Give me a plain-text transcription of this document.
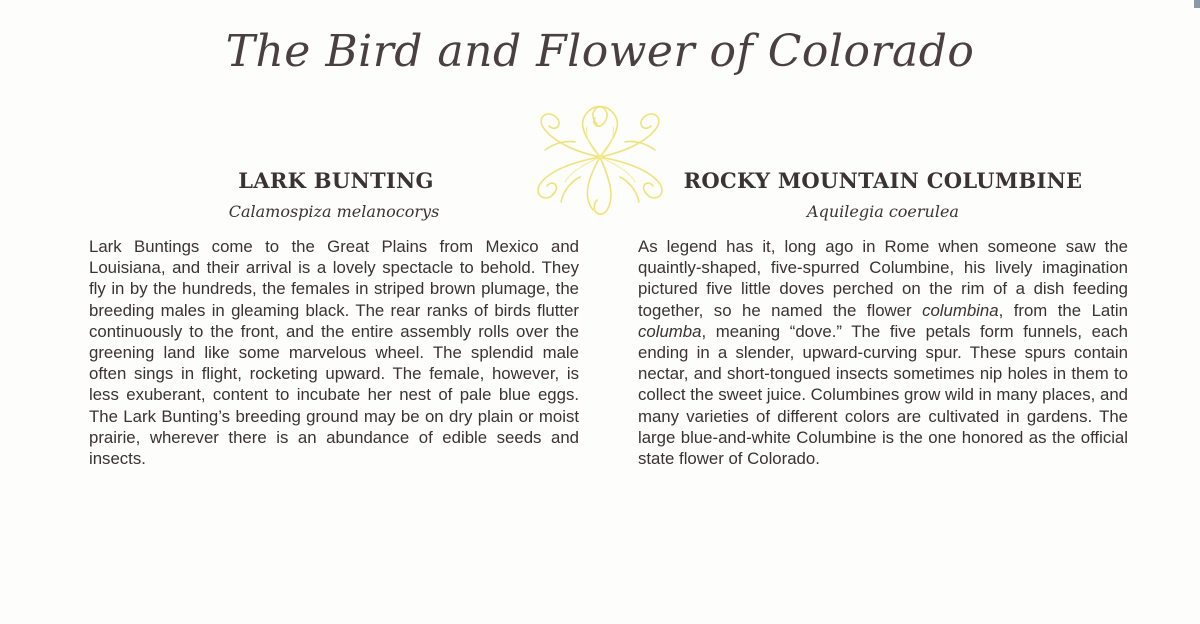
The Bird and Flower of Colorado
LARK BUNTING
Calamospiza melanocorys
Lark Buntings come to the Great Plains from Mexico and Louisiana, and their arrival is a lovely spectacle to behold. They fly in by the hundreds, the females in striped brown plumage, the breeding males in gleaming black. The rear ranks of birds flutter continuously to the front, and the entire assembly rolls over the greening land like some marvelous wheel. The splendid male often sings in flight, rocketing upward. The female, however, is less exuberant, content to incubate her nest of pale blue eggs. The Lark Bunting’s breeding ground may be on dry plain or moist prairie, wherever there is an abundance of edible seeds and insects.
ROCKY MOUNTAIN COLUMBINE
Aquilegia coerulea
As legend has it, long ago in Rome when someone saw the quaintly-shaped, five-spurred Columbine, his lively imagination pictured five little doves perched on the rim of a dish feeding together, so he named the flower columbina, from the Latin columba, meaning “dove.” The five petals form funnels, each ending in a slender, upward-curving spur. These spurs contain nectar, and short-tongued insects sometimes nip holes in them to collect the sweet juice. Columbines grow wild in many places, and many varieties of different colors are cultivated in gardens. The large blue-and-white Columbine is the one honored as the official state flower of Colorado.
